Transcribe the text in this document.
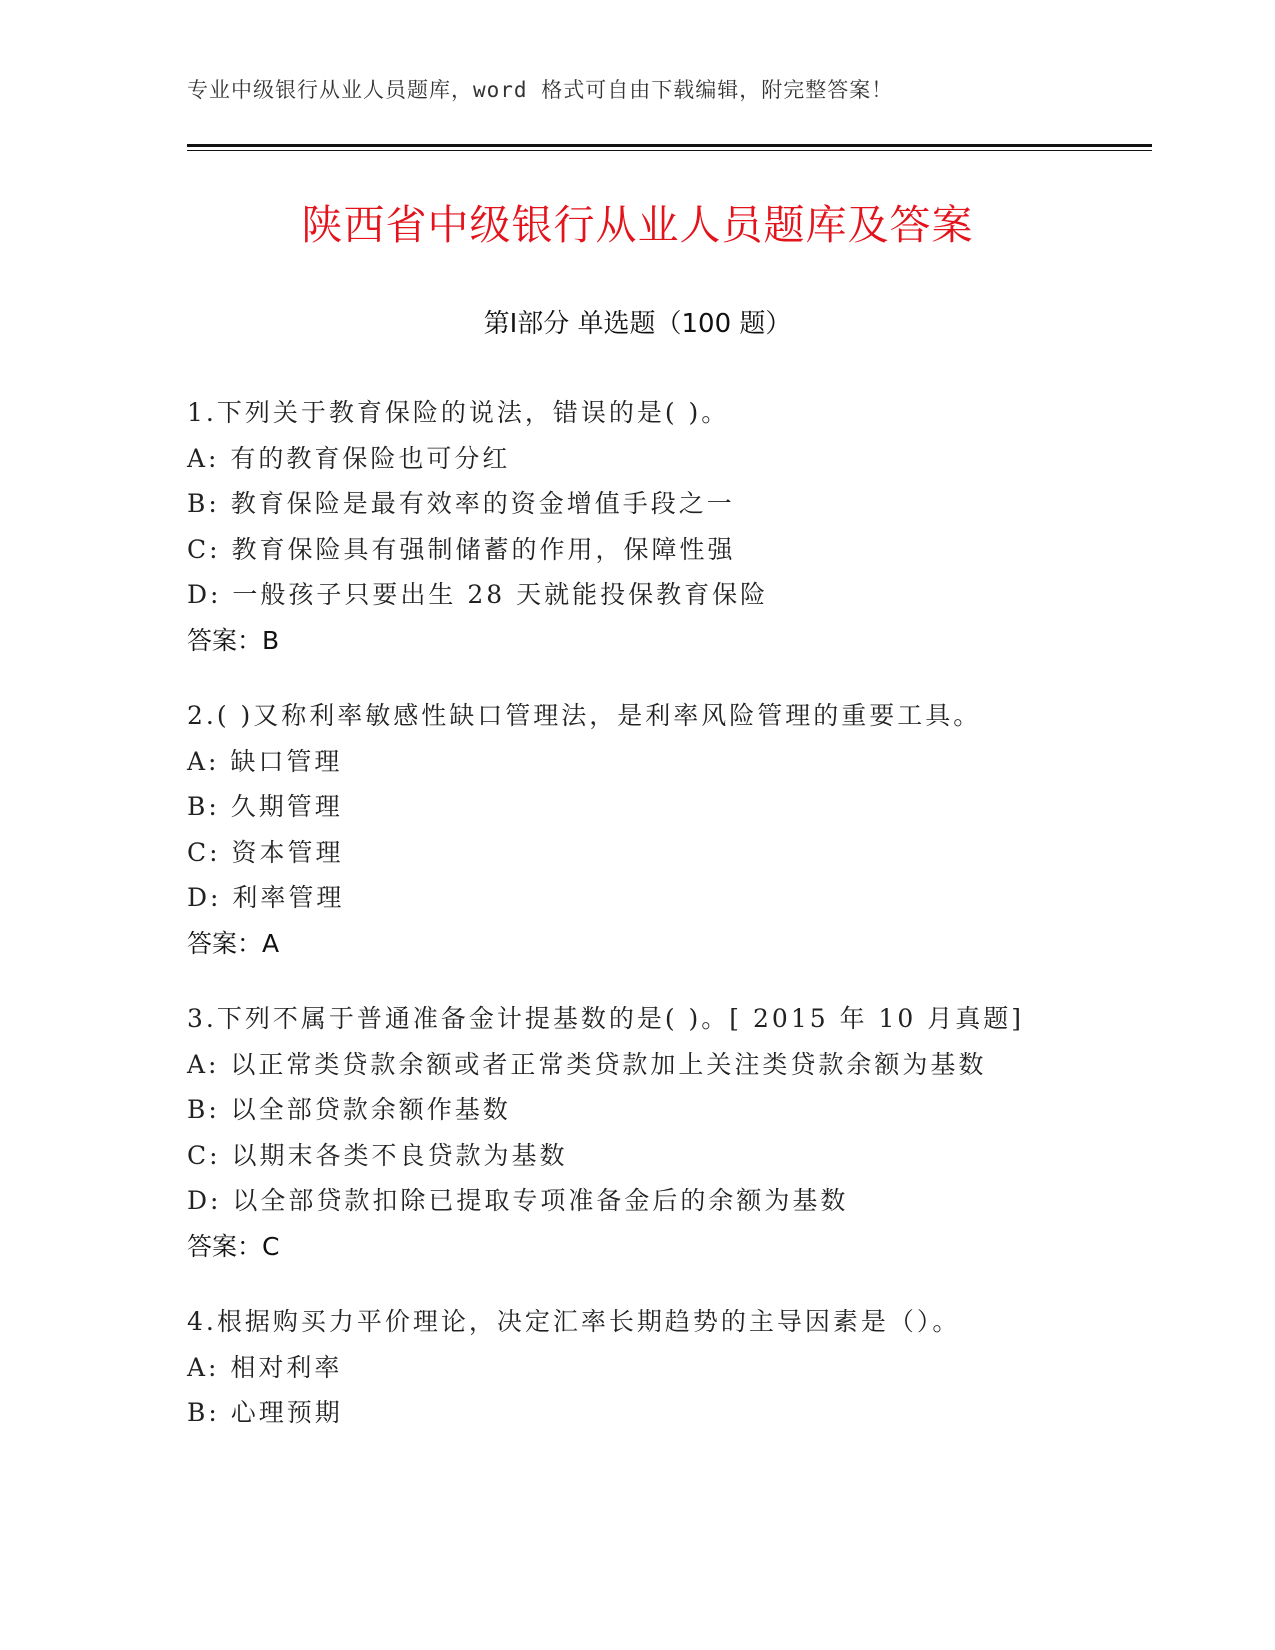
专业中级银行从业人员题库，word 格式可自由下载编辑，附完整答案！
陕西省中级银行从业人员题库及答案
第Ⅰ部分 单选题（100 题）
1.下列关于教育保险的说法，错误的是( )。
A: 有的教育保险也可分红
B: 教育保险是最有效率的资金增值手段之一
C: 教育保险具有强制储蓄的作用，保障性强
D: 一般孩子只要出生 28 天就能投保教育保险
答案：B
2.( )又称利率敏感性缺口管理法，是利率风险管理的重要工具。
A: 缺口管理
B: 久期管理
C: 资本管理
D: 利率管理
答案：A
3.下列不属于普通准备金计提基数的是( )。[ 2015 年 10 月真题]
A: 以正常类贷款余额或者正常类贷款加上关注类贷款余额为基数
B: 以全部贷款余额作基数
C: 以期末各类不良贷款为基数
D: 以全部贷款扣除已提取专项准备金后的余额为基数
答案：C
4.根据购买力平价理论，决定汇率长期趋势的主导因素是（）。
A: 相对利率
B: 心理预期
